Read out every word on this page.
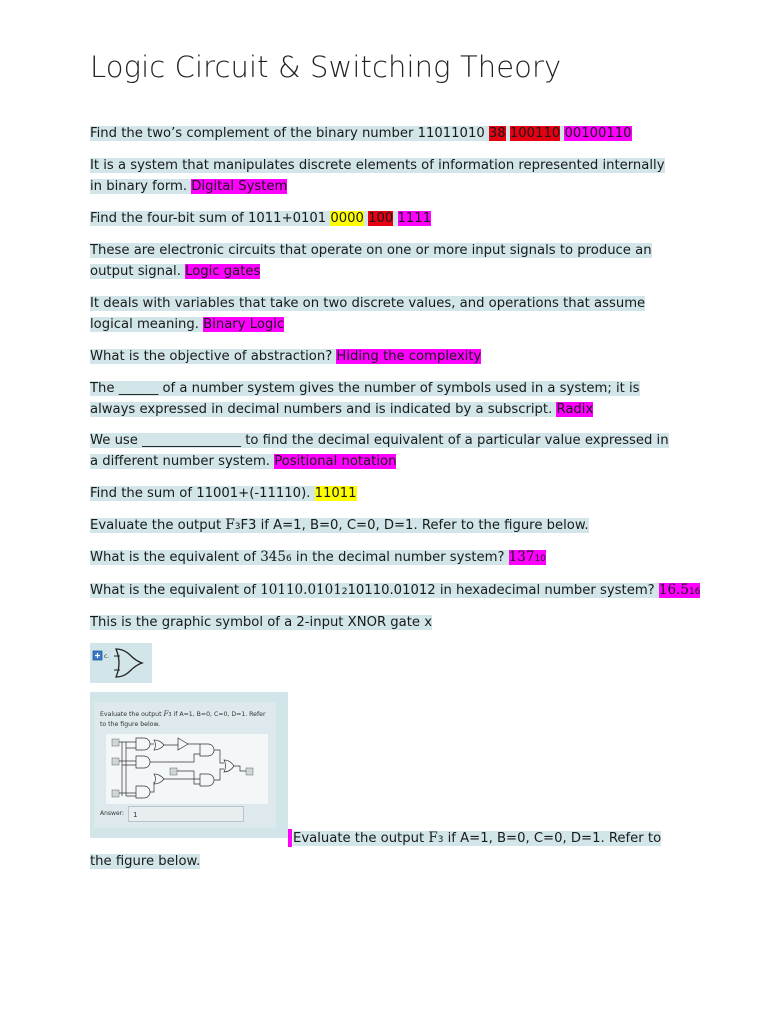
Logic Circuit & Switching Theory
Find the two’s complement of the binary number 11011010 38 100110 00100110
It is a system that manipulates discrete elements of information represented internally in binary form. Digital System
Find the four-bit sum of 1011+0101 0000 100 1111
These are electronic circuits that operate on one or more input signals to produce an output signal. Logic gates
It deals with variables that take on two discrete values, and operations that assume logical meaning. Binary Logic
What is the objective of abstraction? Hiding the complexity
The ______ of a number system gives the number of symbols used in a system; it is always expressed in decimal numbers and is indicated by a subscript. Radix
We use _______________ to find the decimal equivalent of a particular value expressed in a different number system. Positional notation
Find the sum of 11001+(-11110). 11011
Evaluate the output F3F3 if A=1, B=0, C=0, D=1. Refer to the figure below.
What is the equivalent of 3456 in the decimal number system? 13710
What is the equivalent of 10110.0101210110.01012 in hexadecimal number system? 16.516
This is the graphic symbol of a 2-input XNOR gate x
c.
Evaluate the output F3 if A=1, B=0, C=0, D=1. Refer to the figure below.
Answer:	1
Evaluate the output F3 if A=1, B=0, C=0, D=1. Refer to the figure below.
